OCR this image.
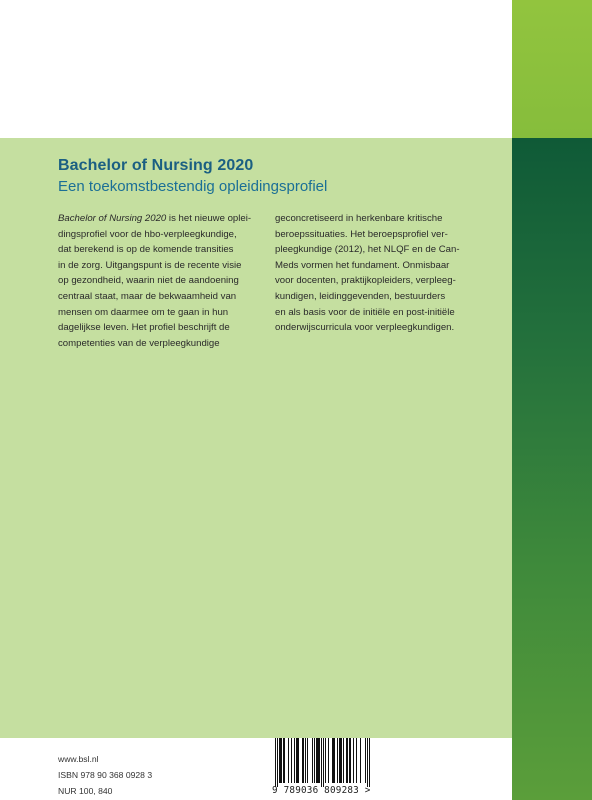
Bachelor of Nursing 2020
Een toekomstbestendig opleidingsprofiel

Bachelor of Nursing 2020 is het nieuwe oplei-
dingsprofiel voor de hbo-verpleegkundige,
dat berekend is op de komende transities
in de zorg. Uitgangspunt is de recente visie
op gezondheid, waarin niet de aandoening
centraal staat, maar de bekwaamheid van
mensen om daarmee om te gaan in hun
dagelijkse leven. Het profiel beschrijft de
competenties van de verpleegkundige

geconcretiseerd in herkenbare kritische
beroepssituaties. Het beroepsprofiel ver-
pleegkundige (2012), het NLQF en de Can-
Meds vormen het fundament. Onmisbaar
voor docenten, praktijkopleiders, verpleeg-
kundigen, leidinggevenden, bestuurders
en als basis voor de initiële en post-initiële
onderwijscurricula voor verpleegkundigen.

www.bsl.nl
ISBN 978 90 368 0928 3
NUR 100, 840	9 789036 809283 >
